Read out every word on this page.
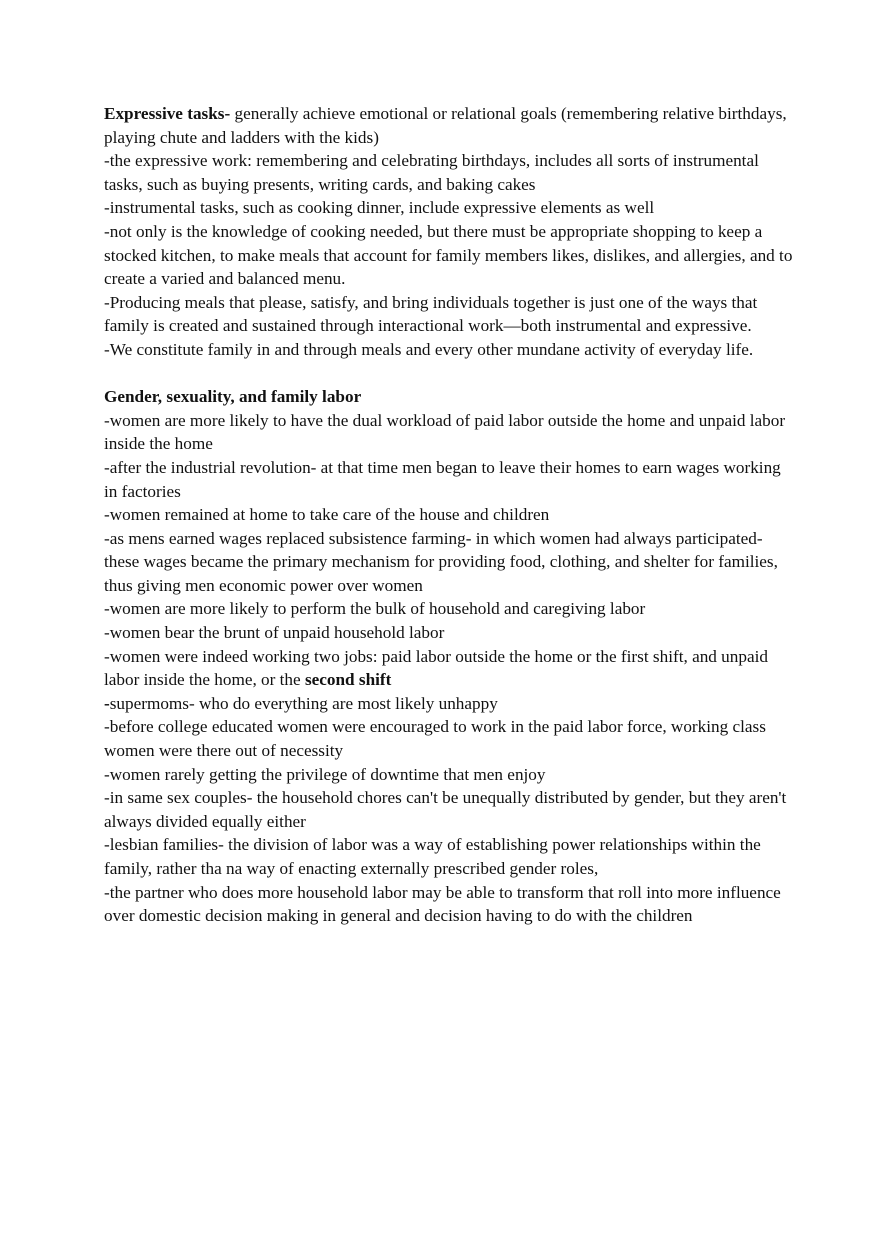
Expressive tasks- generally achieve emotional or relational goals (remembering relative birthdays, playing chute and ladders with the kids)

-the expressive work: remembering and celebrating birthdays, includes all sorts of instrumental tasks, such as buying presents, writing cards, and baking cakes

-instrumental tasks, such as cooking dinner, include expressive elements as well

-not only is the knowledge of cooking needed, but there must be appropriate shopping to keep a stocked kitchen, to make meals that account for family members likes, dislikes, and allergies, and to create a varied and balanced menu.

-Producing meals that please, satisfy, and bring individuals together is just one of the ways that family is created and sustained through interactional work—both instrumental and expressive.

-We constitute family in and through meals and every other mundane activity of everyday life.

Gender, sexuality, and family labor

-women are more likely to have the dual workload of paid labor outside the home and unpaid labor inside the home

-after the industrial revolution- at that time men began to leave their homes to earn wages working in factories

-women remained at home to take care of the house and children

-as mens earned wages replaced subsistence farming- in which women had always participated- these wages became the primary mechanism for providing food, clothing, and shelter for families, thus giving men economic power over women

-women are more likely to perform the bulk of household and caregiving labor

-women bear the brunt of unpaid household labor

-women were indeed working two jobs: paid labor outside the home or the first shift, and unpaid labor inside the home, or the second shift

-supermoms- who do everything are most likely unhappy

-before college educated women were encouraged to work in the paid labor force, working class women were there out of necessity

-women rarely getting the privilege of downtime that men enjoy

-in same sex couples- the household chores can't be unequally distributed by gender, but they aren't always divided equally either

-lesbian families- the division of labor was a way of establishing power relationships within the family, rather tha na way of enacting externally prescribed gender roles,

-the partner who does more household labor may be able to transform that roll into more influence over domestic decision making in general and decision having to do with the children
